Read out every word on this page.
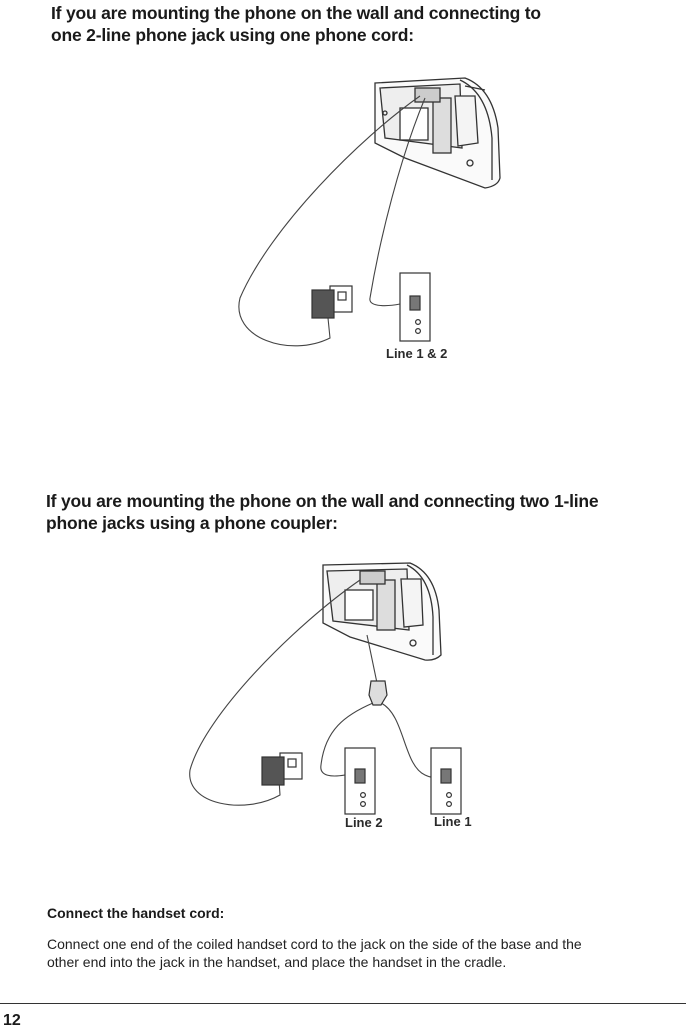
If you are mounting the phone on the wall and connecting to
one 2-line phone jack using one phone cord:
Line 1 & 2
If you are mounting the phone on the wall and connecting two 1-line
phone jacks using a phone coupler:
Line 2	Line 1
Connect the handset cord:

Connect one end of the coiled handset cord to the jack on the side of the base and the
other end into the jack in the handset, and place the handset in the cradle.

12
